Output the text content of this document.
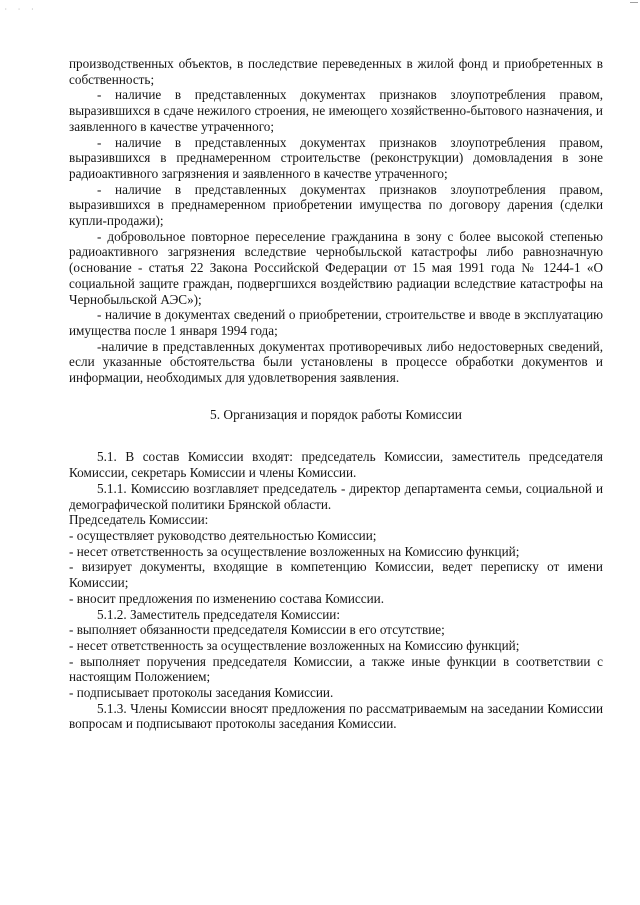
· · ·

производственных объектов, в последствие переведенных в жилой фонд и приобретенных в собственность;

- наличие в представленных документах признаков злоупотребления правом, выразившихся в сдаче нежилого строения, не имеющего хозяйственно-бытового назначения, и заявленного в качестве утраченного;

- наличие в представленных документах признаков злоупотребления правом, выразившихся в преднамеренном строительстве (реконструкции) домовладения в зоне радиоактивного загрязнения и заявленного в качестве утраченного;

- наличие в представленных документах признаков злоупотребления правом, выразившихся в преднамеренном приобретении имущества по договору дарения (сделки купли-продажи);

- добровольное повторное переселение гражданина в зону с более высокой степенью радиоактивного загрязнения вследствие чернобыльской катастрофы либо равнозначную (основание - статья 22 Закона Российской Федерации от 15 мая 1991 года № 1244-1 «О социальной защите граждан, подвергшихся воздействию радиации вследствие катастрофы на Чернобыльской АЭС»);

- наличие в документах сведений о приобретении, строительстве и вводе в эксплуатацию имущества после 1 января 1994 года;

-наличие в представленных документах противоречивых либо недостоверных сведений, если указанные обстоятельства были установлены в процессе обработки документов и информации, необходимых для удовлетворения заявления.

5. Организация и порядок работы Комиссии

5.1. В состав Комиссии входят: председатель Комиссии, заместитель председателя Комиссии, секретарь Комиссии и члены Комиссии.

5.1.1. Комиссию возглавляет председатель - директор департамента семьи, социальной и демографической политики Брянской области.

Председатель Комиссии:

- осуществляет руководство деятельностью Комиссии;

- несет ответственность за осуществление возложенных на Комиссию функций;

- визирует документы, входящие в компетенцию Комиссии, ведет переписку от имени Комиссии;

- вносит предложения по изменению состава Комиссии.

5.1.2. Заместитель председателя Комиссии:

- выполняет обязанности председателя Комиссии в его отсутствие;

- несет ответственность за осуществление возложенных на Комиссию функций;

- выполняет поручения председателя Комиссии, а также иные функции в соответствии с настоящим Положением;

- подписывает протоколы заседания Комиссии.

5.1.3. Члены Комиссии вносят предложения по рассматриваемым на заседании Комиссии вопросам и подписывают протоколы заседания Комиссии.
